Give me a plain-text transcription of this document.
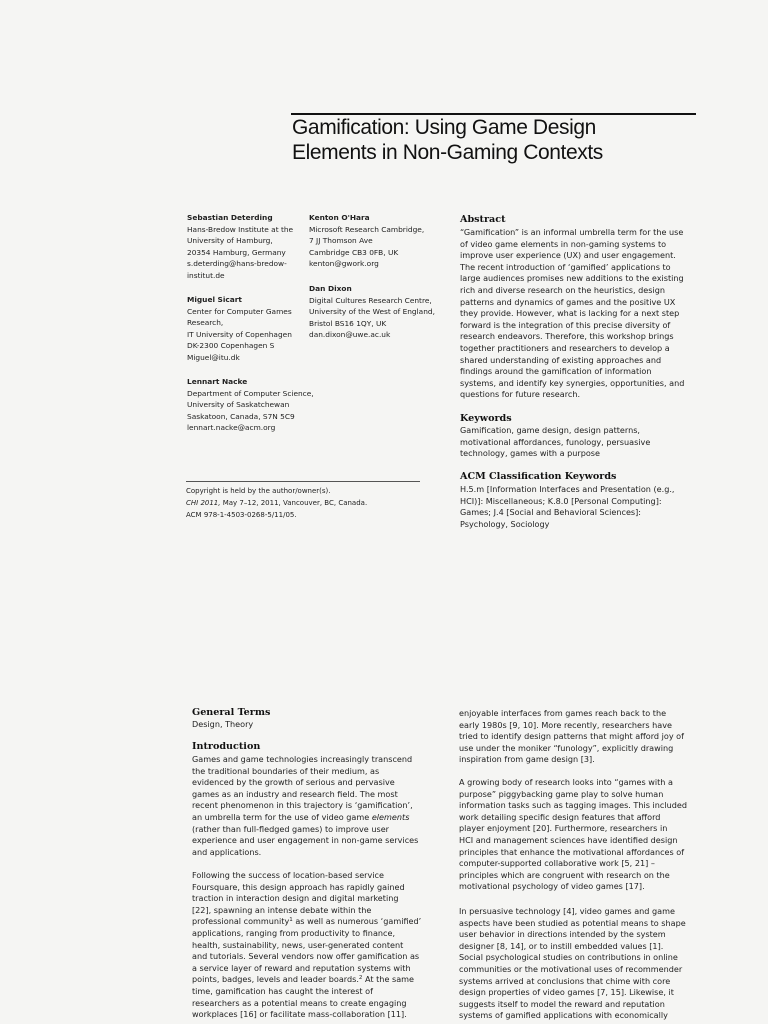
Gamification: Using Game Design
Elements in Non-Gaming Contexts
Sebastian Deterding
Hans-Bredow Institute at the
University of Hamburg,
20354 Hamburg, Germany
s.deterding@hans-bredow-
institut.de
Miguel Sicart
Center for Computer Games
Research,
IT University of Copenhagen
DK-2300 Copenhagen S
Miguel@itu.dk
Lennart Nacke
Department of Computer Science,
University of Saskatchewan
Saskatoon, Canada, S7N 5C9
lennart.nacke@acm.org
Kenton O'Hara
Microsoft Research Cambridge,
7 JJ Thomson Ave
Cambridge CB3 0FB, UK
kenton@gwork.org
Dan Dixon
Digital Cultures Research Centre,
University of the West of England,
Bristol BS16 1QY, UK
dan.dixon@uwe.ac.uk
Copyright is held by the author/owner(s).
CHI 2011, May 7–12, 2011, Vancouver, BC, Canada.
ACM 978-1-4503-0268-5/11/05.
Abstract
“Gamification” is an informal umbrella term for the use
of video game elements in non-gaming systems to
improve user experience (UX) and user engagement.
The recent introduction of ‘gamified’ applications to
large audiences promises new additions to the existing
rich and diverse research on the heuristics, design
patterns and dynamics of games and the positive UX
they provide. However, what is lacking for a next step
forward is the integration of this precise diversity of
research endeavors. Therefore, this workshop brings
together practitioners and researchers to develop a
shared understanding of existing approaches and
findings around the gamification of information
systems, and identify key synergies, opportunities, and
questions for future research.
Keywords
Gamification, game design, design patterns,
motivational affordances, funology, persuasive
technology, games with a purpose
ACM Classification Keywords
H.5.m [Information Interfaces and Presentation (e.g.,
HCI)]: Miscellaneous; K.8.0 [Personal Computing]:
Games; J.4 [Social and Behavioral Sciences]:
Psychology, Sociology
General Terms
Design, Theory
Introduction
Games and game technologies increasingly transcend
the traditional boundaries of their medium, as
evidenced by the growth of serious and pervasive
games as an industry and research field. The most
recent phenomenon in this trajectory is ‘gamification’,
an umbrella term for the use of video game elements
(rather than full-fledged games) to improve user
experience and user engagement in non-game services
and applications.
Following the success of location-based service
Foursquare, this design approach has rapidly gained
traction in interaction design and digital marketing
[22], spawning an intense debate within the
professional community$^1$ as well as numerous ‘gamified’
applications, ranging from productivity to finance,
health, sustainability, news, user-generated content
and tutorials. Several vendors now offer gamification as
a service layer of reward and reputation systems with
points, badges, levels and leader boards.$^2$ At the same
time, gamification has caught the interest of
researchers as a potential means to create engaging
workplaces [16] or facilitate mass-collaboration [11].
enjoyable interfaces from games reach back to the
early 1980s [9, 10]. More recently, researchers have
tried to identify design patterns that might afford joy of
use under the moniker “funology”, explicitly drawing
inspiration from game design [3].
A growing body of research looks into “games with a
purpose” piggybacking game play to solve human
information tasks such as tagging images. This included
work detailing specific design features that afford
player enjoyment [20]. Furthermore, researchers in
HCI and management sciences have identified design
principles that enhance the motivational affordances of
computer-supported collaborative work [5, 21] –
principles which are congruent with research on the
motivational psychology of video games [17].
In persuasive technology [4], video games and game
aspects have been studied as potential means to shape
user behavior in directions intended by the system
designer [8, 14], or to instill embedded values [1].
Social psychological studies on contributions in online
communities or the motivational uses of recommender
systems arrived at conclusions that chime with core
design properties of video games [7, 15]. Likewise, it
suggests itself to model the reward and reputation
systems of gamified applications with economically
